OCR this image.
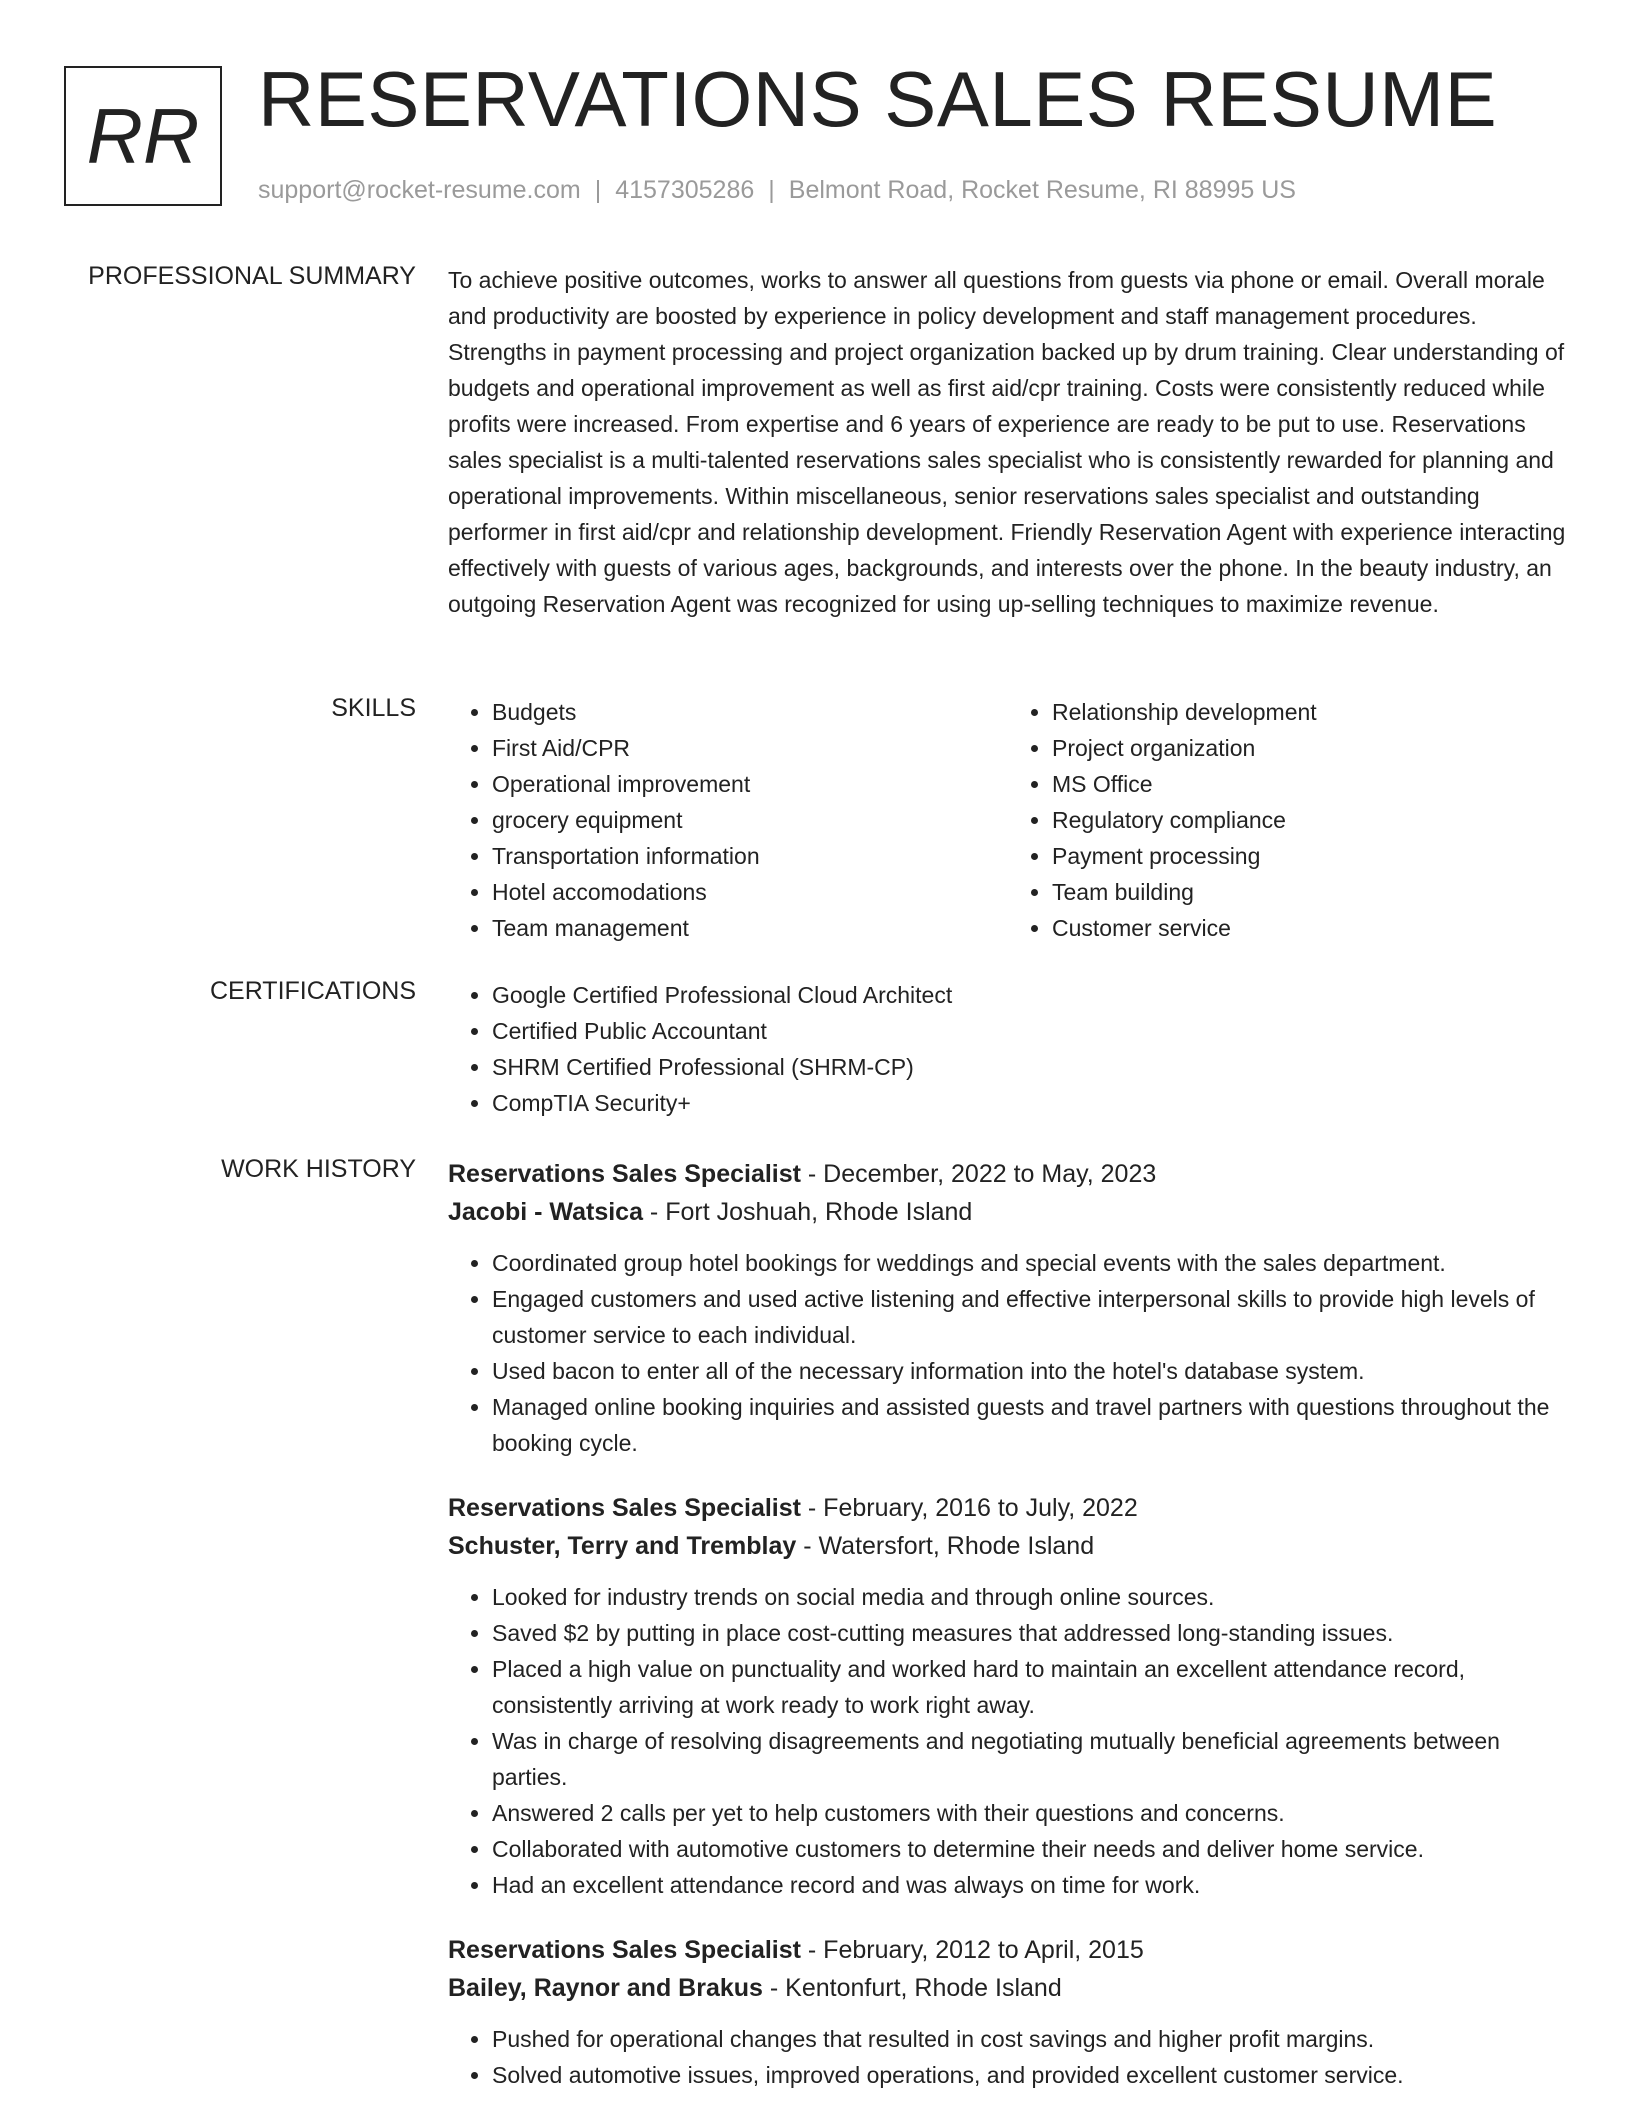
RR RESERVATIONS SALES RESUME
support@rocket-resume.com | 4157305286 | Belmont Road, Rocket Resume, RI 88995 US
PROFESSIONAL SUMMARY To achieve positive outcomes, works to answer all questions from guests via phone or email. Overall morale and productivity are boosted by experience in policy development and staff management procedures. Strengths in payment processing and project organization backed up by drum training. Clear understanding of budgets and operational improvement as well as first aid/cpr training. Costs were consistently reduced while profits were increased. From expertise and 6 years of experience are ready to be put to use. Reservations sales specialist is a multi-talented reservations sales specialist who is consistently rewarded for planning and operational improvements. Within miscellaneous, senior reservations sales specialist and outstanding performer in first aid/cpr and relationship development. Friendly Reservation Agent with experience interacting effectively with guests of various ages, backgrounds, and interests over the phone. In the beauty industry, an outgoing Reservation Agent was recognized for using up-selling techniques to maximize revenue.

SKILLS	• Budgets
• First Aid/CPR
• Operational improvement
• grocery equipment
• Transportation information
• Hotel accomodations
• Team management
• Relationship development
• Project organization
• MS Office
• Regulatory compliance
• Payment processing
• Team building
• Customer service
CERTIFICATIONS	• Google Certified Professional Cloud Architect
• Certified Public Accountant
• SHRM Certified Professional (SHRM-CP)
• CompTIA Security+
WORK HISTORY Reservations Sales Specialist - December, 2022 to May, 2023
Jacobi - Watsica - Fort Joshuah, Rhode Island
• Coordinated group hotel bookings for weddings and special events with the sales department.
• Engaged customers and used active listening and effective interpersonal skills to provide high levels of customer service to each individual.
• Used bacon to enter all of the necessary information into the hotel's database system.
• Managed online booking inquiries and assisted guests and travel partners with questions throughout the booking cycle.
Reservations Sales Specialist - February, 2016 to July, 2022
Schuster, Terry and Tremblay - Watersfort, Rhode Island
• Looked for industry trends on social media and through online sources.
• Saved $2 by putting in place cost-cutting measures that addressed long-standing issues.
• Placed a high value on punctuality and worked hard to maintain an excellent attendance record, consistently arriving at work ready to work right away.
• Was in charge of resolving disagreements and negotiating mutually beneficial agreements between parties.
• Answered 2 calls per yet to help customers with their questions and concerns.
• Collaborated with automotive customers to determine their needs and deliver home service.
• Had an excellent attendance record and was always on time for work.
Reservations Sales Specialist - February, 2012 to April, 2015
Bailey, Raynor and Brakus - Kentonfurt, Rhode Island
• Pushed for operational changes that resulted in cost savings and higher profit margins.
• Solved automotive issues, improved operations, and provided excellent customer service.
